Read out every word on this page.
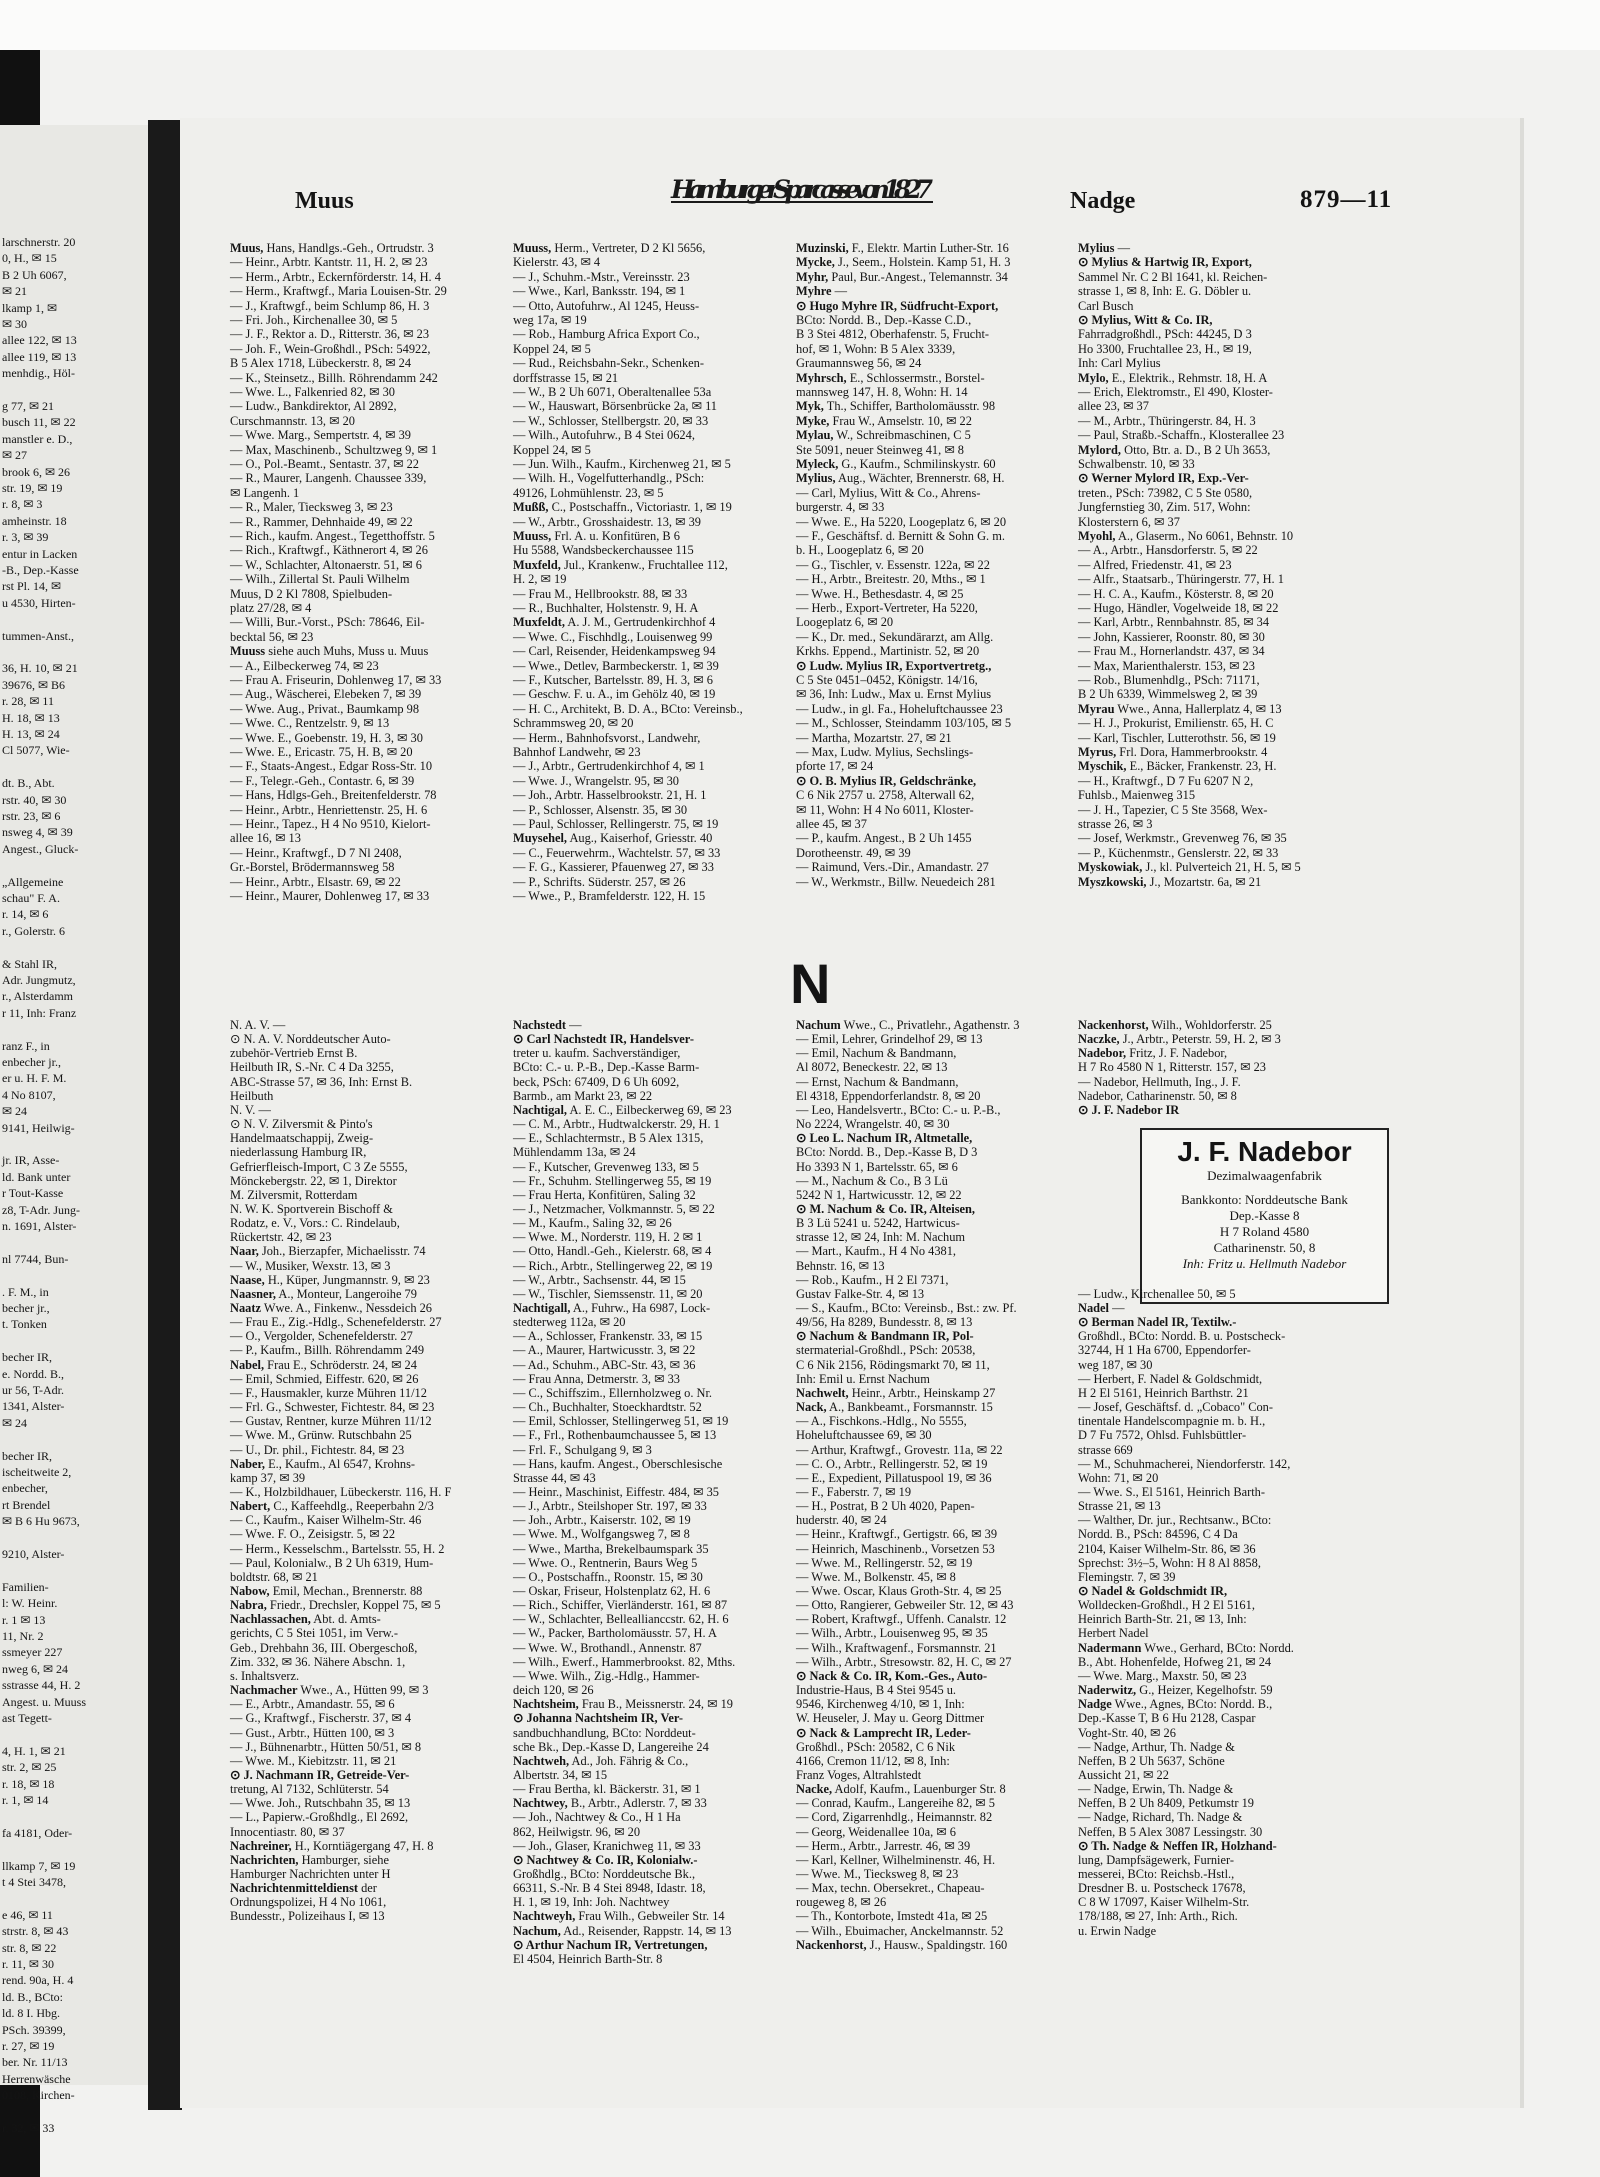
larschnerstr. 20
0, H., ✉ 15
B 2 Uh 6067,
✉ 21
lkamp 1, ✉
✉ 30
allee 122, ✉ 13
allee 119, ✉ 13
menhdig., Höl-
g 77, ✉ 21
busch 11, ✉ 22
manstler e. D.,
✉ 27
brook 6, ✉ 26
str. 19, ✉ 19
r. 8, ✉ 3
amheinstr. 18
r. 3, ✉ 39
entur in Lacken
-B., Dep.-Kasse
rst Pl. 14, ✉
u 4530, Hirten-
tummen-Anst.,
36, H. 10, ✉ 21
39676, ✉ B6
r. 28, ✉ 11
H. 18, ✉ 13
H. 13, ✉ 24
Cl 5077, Wie-
dt. B., Abt.
rstr. 40, ✉ 30
rstr. 23, ✉ 6
nsweg 4, ✉ 39
Angest., Gluck-
„Allgemeine
schau" F. A.
r. 14, ✉ 6
r., Golerstr. 6
& Stahl IR,
Adr. Jungmutz,
r., Alsterdamm
r 11, Inh: Franz
ranz F., in
enbecher jr.,
er u. H. F. M.
4 No 8107,
✉ 24
9141, Heilwig-
jr. IR, Asse-
ld. Bank unter
r Tout-Kasse
z8, T-Adr. Jung-
n. 1691, Alster-
nl 7744, Bun-
. F. M., in
becher jr.,
t. Tonken
becher IR,
e. Nordd. B.,
ur 56, T-Adr.
1341, Alster-
✉ 24
becher IR,
ischeitweite 2,
enbecher,
rt Brendel
✉ B 6 Hu 9673,
9210, Alster-
Familien-
l: W. Heinr.
r. 1 ✉ 13
11, Nr. 2
ssmeyer 227
nweg 6, ✉ 24
sstrasse 44, H. 2
Angest. u. Muuss
ast Tegett-
4, H. 1, ✉ 21
str. 2, ✉ 25
r. 18, ✉ 18
r. 1, ✉ 14
fa 4181, Oder-
llkamp 7, ✉ 19
t 4 Stei 3478,
e 46, ✉ 11
strstr. 8, ✉ 43
str. 8, ✉ 22
r. 11, ✉ 30
rend. 90a, H. 4
ld. B., BCto:
ld. 8 I. Hbg.
PSch. 39399,
r. 27, ✉ 19
ber. Nr. 11/13
Herrenwäsche
0108, Kirchen-
r. 32, ✉ 33
Muus	HamburgerSparcassevon1827	Nadge	879—11
N
J. F. Nadebor
Dezimalwaagenfabrik
Bankkonto: Norddeutsche Bank
Dep.-Kasse 8
H 7 Roland 4580
Catharinenstr. 50, 8
Inh: Fritz u. Hellmuth Nadebor
Muus, Hans, Handlgs.-Geh., Ortrudstr. 3
— Heinr., Arbtr. Kantstr. 11, H. 2, ✉ 23
— Herm., Arbtr., Eckernförderstr. 14, H. 4
— Herm., Kraftwgf., Maria Louisen-Str. 29
— J., Kraftwgf., beim Schlump 86, H. 3
— Fri. Joh., Kirchenallee 30, ✉ 5
— J. F., Rektor a. D., Ritterstr. 36, ✉ 23
— Joh. F., Wein-Großhdl., PSch: 54922,
B 5 Alex 1718, Lübeckerstr. 8, ✉ 24
— K., Steinsetz., Billh. Röhrendamm 242
— Wwe. L., Falkenried 82, ✉ 30
— Ludw., Bankdirektor, Al 2892,
Curschmannstr. 13, ✉ 20
— Wwe. Marg., Sempertstr. 4, ✉ 39
— Max, Maschinenb., Schultzweg 9, ✉ 1
— O., Pol.-Beamt., Sentastr. 37, ✉ 22
— R., Maurer, Langenh. Chaussee 339,
✉ Langenh. 1
— R., Maler, Tiecksweg 3, ✉ 23
— R., Rammer, Dehnhaide 49, ✉ 22
— Rich., kaufm. Angest., Tegetthoffstr. 5
— Rich., Kraftwgf., Käthnerort 4, ✉ 26
— W., Schlachter, Altonaerstr. 51, ✉ 6
— Wilh., Zillertal St. Pauli Wilhelm
Muus, D 2 Kl 7808, Spielbuden-
platz 27/28, ✉ 4
— Willi, Bur.-Vorst., PSch: 78646, Eil-
becktal 56, ✉ 23
Muuss siehe auch Muhs, Muss u. Muus
— A., Eilbeckerweg 74, ✉ 23
— Frau A. Friseurin, Dohlenweg 17, ✉ 33
— Aug., Wäscherei, Elebeken 7, ✉ 39
— Wwe. Aug., Privat., Baumkamp 98
— Wwe. C., Rentzelstr. 9, ✉ 13
— Wwe. E., Goebenstr. 19, H. 3, ✉ 30
— Wwe. E., Ericastr. 75, H. B, ✉ 20
— F., Staats-Angest., Edgar Ross-Str. 10
— F., Telegr.-Geh., Contastr. 6, ✉ 39
— Hans, Hdlgs-Geh., Breitenfelderstr. 78
— Heinr., Arbtr., Henriettenstr. 25, H. 6
— Heinr., Tapez., H 4 No 9510, Kielort-
allee 16, ✉ 13
— Heinr., Kraftwgf., D 7 Nl 2408,
Gr.-Borstel, Brödermannsweg 58
— Heinr., Arbtr., Elsastr. 69, ✉ 22
— Heinr., Maurer, Dohlenweg 17, ✉ 33
Muuss, Herm., Vertreter, D 2 Kl 5656,
Kielerstr. 43, ✉ 4
— J., Schuhm.-Mstr., Vereinsstr. 23
— Wwe., Karl, Banksstr. 194, ✉ 1
— Otto, Autofuhrw., Al 1245, Heuss-
weg 17a, ✉ 19
— Rob., Hamburg Africa Export Co.,
Koppel 24, ✉ 5
— Rud., Reichsbahn-Sekr., Schenken-
dorffstrasse 15, ✉ 21
— W., B 2 Uh 6071, Oberaltenallee 53a
— W., Hauswart, Börsenbrücke 2a, ✉ 11
— W., Schlosser, Stellbergstr. 20, ✉ 33
— Wilh., Autofuhrw., B 4 Stei 0624,
Koppel 24, ✉ 5
— Jun. Wilh., Kaufm., Kirchenweg 21, ✉ 5
— Wilh. H., Vogelfutterhandlg., PSch:
49126, Lohmühlenstr. 23, ✉ 5
Mußß, C., Postschaffn., Victoriastr. 1, ✉ 19
— W., Arbtr., Grosshaidestr. 13, ✉ 39
Muuss, Frl. A. u. Konfitüren, B 6
Hu 5588, Wandsbeckerchaussee 115
Muxfeld, Jul., Krankenw., Fruchtallee 112,
H. 2, ✉ 19
— Frau M., Hellbrookstr. 88, ✉ 33
— R., Buchhalter, Holstenstr. 9, H. A
Muxfeldt, A. J. M., Gertrudenkirchhof 4
— Wwe. C., Fischhdlg., Louisenweg 99
— Carl, Reisender, Heidenkampsweg 94
— Wwe., Detlev, Barmbeckerstr. 1, ✉ 39
— F., Kutscher, Bartelsstr. 89, H. 3, ✉ 6
— Geschw. F. u. A., im Gehölz 40, ✉ 19
— H. C., Architekt, B. D. A., BCto: Vereinsb.,
Schrammsweg 20, ✉ 20
— Herm., Bahnhofsvorst., Landwehr,
Bahnhof Landwehr, ✉ 23
— J., Arbtr., Gertrudenkirchhof 4, ✉ 1
— Wwe. J., Wrangelstr. 95, ✉ 30
— Joh., Arbtr. Hasselbrookstr. 21, H. 1
— P., Schlosser, Alsenstr. 35, ✉ 30
— Paul, Schlosser, Rellingerstr. 75, ✉ 19
Muysehel, Aug., Kaiserhof, Griesstr. 40
— C., Feuerwehrm., Wachtelstr. 57, ✉ 33
— F. G., Kassierer, Pfauenweg 27, ✉ 33
— P., Schrifts. Süderstr. 257, ✉ 26
— Wwe., P., Bramfelderstr. 122, H. 15
Muzinski, F., Elektr. Martin Luther-Str. 16
Mycke, J., Seem., Holstein. Kamp 51, H. 3
Myhr, Paul, Bur.-Angest., Telemannstr. 34
Myhre —
⊙ Hugo Myhre IR, Südfrucht-Export,
BCto: Nordd. B., Dep.-Kasse C.D.,
B 3 Stei 4812, Oberhafenstr. 5, Frucht-
hof, ✉ 1, Wohn: B 5 Alex 3339,
Graumannsweg 56, ✉ 24
Myhrsch, E., Schlossermstr., Borstel-
mannsweg 147, H. 8, Wohn: H. 14
Myk, Th., Schiffer, Bartholomäusstr. 98
Myke, Frau W., Amselstr. 10, ✉ 22
Mylau, W., Schreibmaschinen, C 5
Ste 5091, neuer Steinweg 41, ✉ 8
Myleck, G., Kaufm., Schmilinskystr. 60
Mylius, Aug., Wächter, Brennerstr. 68, H.
— Carl, Mylius, Witt & Co., Ahrens-
burgerstr. 4, ✉ 33
— Wwe. E., Ha 5220, Loogeplatz 6, ✉ 20
— F., Geschäftsf. d. Bernitt & Sohn G. m.
b. H., Loogeplatz 6, ✉ 20
— G., Tischler, v. Essenstr. 122a, ✉ 22
— H., Arbtr., Breitestr. 20, Mths., ✉ 1
— Wwe. H., Bethesdastr. 4, ✉ 25
— Herb., Export-Vertreter, Ha 5220,
Loogeplatz 6, ✉ 20
— K., Dr. med., Sekundärarzt, am Allg.
Krkhs. Eppend., Martinistr. 52, ✉ 20
⊙ Ludw. Mylius IR, Exportvertretg.,
C 5 Ste 0451–0452, Königstr. 14/16,
✉ 36, Inh: Ludw., Max u. Ernst Mylius
— Ludw., in gl. Fa., Hoheluftchaussee 23
— M., Schlosser, Steindamm 103/105, ✉ 5
— Martha, Mozartstr. 27, ✉ 21
— Max, Ludw. Mylius, Sechslings-
pforte 17, ✉ 24
⊙ O. B. Mylius IR, Geldschränke,
C 6 Nik 2757 u. 2758, Alterwall 62,
✉ 11, Wohn: H 4 No 6011, Kloster-
allee 45, ✉ 37
— P., kaufm. Angest., B 2 Uh 1455
Dorotheenstr. 49, ✉ 39
— Raimund, Vers.-Dir., Amandastr. 27
— W., Werkmstr., Billw. Neuedeich 281
Mylius —
⊙ Mylius & Hartwig IR, Export,
Sammel Nr. C 2 Bl 1641, kl. Reichen-
strasse 1, ✉ 8, Inh: E. G. Döbler u.
Carl Busch
⊙ Mylius, Witt & Co. IR,
Fahrradgroßhdl., PSch: 44245, D 3
Ho 3300, Fruchtallee 23, H., ✉ 19,
Inh: Carl Mylius
Mylo, E., Elektrik., Rehmstr. 18, H. A
— Erich, Elektromstr., El 490, Kloster-
allee 23, ✉ 37
— M., Arbtr., Thüringerstr. 84, H. 3
— Paul, Straßb.-Schaffn., Klosterallee 23
Mylord, Otto, Btr. a. D., B 2 Uh 3653,
Schwalbenstr. 10, ✉ 33
⊙ Werner Mylord IR, Exp.-Ver-
treten., PSch: 73982, C 5 Ste 0580,
Jungfernstieg 30, Zim. 517, Wohn:
Klosterstern 6, ✉ 37
Myohl, A., Glaserm., No 6061, Behnstr. 10
— A., Arbtr., Hansdorferstr. 5, ✉ 22
— Alfred, Friedenstr. 41, ✉ 23
— Alfr., Staatsarb., Thüringerstr. 77, H. 1
— H. C. A., Kaufm., Kösterstr. 8, ✉ 20
— Hugo, Händler, Vogelweide 18, ✉ 22
— Karl, Arbtr., Rennbahnstr. 85, ✉ 34
— John, Kassierer, Roonstr. 80, ✉ 30
— Frau M., Hornerlandstr. 437, ✉ 34
— Max, Marienthalerstr. 153, ✉ 23
— Rob., Blumenhdlg., PSch: 71171,
B 2 Uh 6339, Wimmelsweg 2, ✉ 39
Myrau Wwe., Anna, Hallerplatz 4, ✉ 13
— H. J., Prokurist, Emilienstr. 65, H. C
— Karl, Tischler, Lutterothstr. 56, ✉ 19
Myrus, Frl. Dora, Hammerbrookstr. 4
Myschik, E., Bäcker, Frankenstr. 23, H.
— H., Kraftwgf., D 7 Fu 6207 N 2,
Fuhlsb., Maienweg 315
— J. H., Tapezier, C 5 Ste 3568, Wex-
strasse 26, ✉ 3
— Josef, Werkmstr., Grevenweg 76, ✉ 35
— P., Küchenmstr., Genslerstr. 22, ✉ 33
Myskowiak, J., kl. Pulverteich 21, H. 5, ✉ 5
Myszkowski, J., Mozartstr. 6a, ✉ 21
N. A. V. —
⊙ N. A. V. Norddeutscher Auto-
zubehör-Vertrieb Ernst B.
Heilbuth IR, S.-Nr. C 4 Da 3255,
ABC-Strasse 57, ✉ 36, Inh: Ernst B.
Heilbuth
N. V. —
⊙ N. V. Zilversmit & Pinto's
Handelmaatschappij, Zweig-
niederlassung Hamburg IR,
Gefrierfleisch-Import, C 3 Ze 5555,
Mönckebergstr. 22, ✉ 1, Direktor
M. Zilversmit, Rotterdam
N. W. K. Sportverein Bischoff &
Rodatz, e. V., Vors.: C. Rindelaub,
Rückertstr. 42, ✉ 23
Naar, Joh., Bierzapfer, Michaelisstr. 74
— W., Musiker, Wexstr. 13, ✉ 3
Naase, H., Küper, Jungmannstr. 9, ✉ 23
Naasner, A., Monteur, Langeroihe 79
Naatz Wwe. A., Finkenw., Nessdeich 26
— Frau E., Zig.-Hdlg., Schenefelderstr. 27
— O., Vergolder, Schenefelderstr. 27
— P., Kaufm., Billh. Röhrendamm 249
Nabel, Frau E., Schröderstr. 24, ✉ 24
— Emil, Schmied, Eiffestr. 620, ✉ 26
— F., Hausmakler, kurze Mühren 11/12
— Frl. G., Schwester, Fichtestr. 84, ✉ 23
— Gustav, Rentner, kurze Mühren 11/12
— Wwe. M., Grünw. Rutschbahn 25
— U., Dr. phil., Fichtestr. 84, ✉ 23
Naber, E., Kaufm., Al 6547, Krohns-
kamp 37, ✉ 39
— K., Holzbildhauer, Lübeckerstr. 116, H. F
Nabert, C., Kaffeehdlg., Reeperbahn 2/3
— C., Kaufm., Kaiser Wilhelm-Str. 46
— Wwe. F. O., Zeisigstr. 5, ✉ 22
— Herm., Kesselschm., Bartelsstr. 55, H. 2
— Paul, Kolonialw., B 2 Uh 6319, Hum-
boldtstr. 68, ✉ 21
Nabow, Emil, Mechan., Brennerstr. 88
Nabra, Friedr., Drechsler, Koppel 75, ✉ 5
Nachlassachen, Abt. d. Amts-
gerichts, C 5 Stei 1051, im Verw.-
Geb., Drehbahn 36, III. Obergeschoß,
Zim. 332, ✉ 36. Nähere Abschn. 1,
s. Inhaltsverz.
Nachmacher Wwe., A., Hütten 99, ✉ 3
— E., Arbtr., Amandastr. 55, ✉ 6
— G., Kraftwgf., Fischerstr. 37, ✉ 4
— Gust., Arbtr., Hütten 100, ✉ 3
— J., Bühnenarbtr., Hütten 50/51, ✉ 8
— Wwe. M., Kiebitzstr. 11, ✉ 21
⊙ J. Nachmann IR, Getreide-Ver-
tretung, Al 7132, Schlüterstr. 54
— Wwe. Joh., Rutschbahn 35, ✉ 13
— L., Papierw.-Großhdlg., El 2692,
Innocentiastr. 80, ✉ 37
Nachreiner, H., Korntiägergang 47, H. 8
Nachrichten, Hamburger, siehe
Hamburger Nachrichten unter H
Nachrichtenmitteldienst der
Ordnungspolizei, H 4 No 1061,
Bundesstr., Polizeihaus I, ✉ 13
Nachstedt —
⊙ Carl Nachstedt IR, Handelsver-
treter u. kaufm. Sachverständiger,
BCto: C.- u. P.-B., Dep.-Kasse Barm-
beck, PSch: 67409, D 6 Uh 6092,
Barmb., am Markt 23, ✉ 22
Nachtigal, A. E. C., Eilbeckerweg 69, ✉ 23
— C. M., Arbtr., Hudtwalckerstr. 29, H. 1
— E., Schlachtermstr., B 5 Alex 1315,
Mühlendamm 13a, ✉ 24
— F., Kutscher, Grevenweg 133, ✉ 5
— Fr., Schuhm. Stellingerweg 55, ✉ 19
— Frau Herta, Konfitüren, Saling 32
— J., Netzmacher, Volkmannstr. 5, ✉ 22
— M., Kaufm., Saling 32, ✉ 26
— Wwe. M., Norderstr. 119, H. 2 ✉ 1
— Otto, Handl.-Geh., Kielerstr. 68, ✉ 4
— Rich., Arbtr., Stellingerweg 22, ✉ 19
— W., Arbtr., Sachsenstr. 44, ✉ 15
— W., Tischler, Siemssenstr. 11, ✉ 20
Nachtigall, A., Fuhrw., Ha 6987, Lock-
stedterweg 112a, ✉ 20
— A., Schlosser, Frankenstr. 33, ✉ 15
— A., Maurer, Hartwicusstr. 3, ✉ 22
— Ad., Schuhm., ABC-Str. 43, ✉ 36
— Frau Anna, Detmerstr. 3, ✉ 33
— C., Schiffszim., Ellernholzweg o. Nr.
— Ch., Buchhalter, Stoeckhardtstr. 52
— Emil, Schlosser, Stellingerweg 51, ✉ 19
— F., Frl., Rothenbaumchaussee 5, ✉ 13
— Frl. F., Schulgang 9, ✉ 3
— Hans, kaufm. Angest., Oberschlesische
Strasse 44, ✉ 43
— Heinr., Maschinist, Eiffestr. 484, ✉ 35
— J., Arbtr., Steilshoper Str. 197, ✉ 33
— Joh., Arbtr., Kaiserstr. 102, ✉ 19
— Wwe. M., Wolfgangsweg 7, ✉ 8
— Wwe., Martha, Brekelbaumspark 35
— Wwe. O., Rentnerin, Baurs Weg 5
— O., Postschaffn., Roonstr. 15, ✉ 30
— Oskar, Friseur, Holstenplatz 62, H. 6
— Rich., Schiffer, Vierländerstr. 161, ✉ 87
— W., Schlachter, Belleallianccstr. 62, H. 6
— W., Packer, Bartholomäusstr. 57, H. A
— Wwe. W., Brothandl., Annenstr. 87
— Wilh., Ewerf., Hammerbrookst. 82, Mths.
— Wwe. Wilh., Zig.-Hdlg., Hammer-
deich 120, ✉ 26
Nachtsheim, Frau B., Meissnerstr. 24, ✉ 19
⊙ Johanna Nachtsheim IR, Ver-
sandbuchhandlung, BCto: Norddeut-
sche Bk., Dep.-Kasse D, Langereihe 24
Nachtweh, Ad., Joh. Fährig & Co.,
Albertstr. 34, ✉ 15
— Frau Bertha, kl. Bäckerstr. 31, ✉ 1
Nachtwey, B., Arbtr., Adlerstr. 7, ✉ 33
— Joh., Nachtwey & Co., H 1 Ha
862, Heilwigstr. 96, ✉ 20
— Joh., Glaser, Kranichweg 11, ✉ 33
⊙ Nachtwey & Co. IR, Kolonialw.-
Großhdlg., BCto: Norddeutsche Bk.,
66311, S.-Nr. B 4 Stei 8948, Idastr. 18,
H. 1, ✉ 19, Inh: Joh. Nachtwey
Nachtweyh, Frau Wilh., Gebweiler Str. 14
Nachum, Ad., Reisender, Rappstr. 14, ✉ 13
⊙ Arthur Nachum IR, Vertretungen,
El 4504, Heinrich Barth-Str. 8
Nachum Wwe., C., Privatlehr., Agathenstr. 3
— Emil, Lehrer, Grindelhof 29, ✉ 13
— Emil, Nachum & Bandmann,
Al 8072, Beneckestr. 22, ✉ 13
— Ernst, Nachum & Bandmann,
El 4318, Eppendorferlandstr. 8, ✉ 20
— Leo, Handelsvertr., BCto: C.- u. P.-B.,
No 2224, Wrangelstr. 40, ✉ 30
⊙ Leo L. Nachum IR, Altmetalle,
BCto: Nordd. B., Dep.-Kasse B, D 3
Ho 3393 N 1, Bartelsstr. 65, ✉ 6
— M., Nachum & Co., B 3 Lü
5242 N 1, Hartwicusstr. 12, ✉ 22
⊙ M. Nachum & Co. IR, Alteisen,
B 3 Lü 5241 u. 5242, Hartwicus-
strasse 12, ✉ 24, Inh: M. Nachum
— Mart., Kaufm., H 4 No 4381,
Behnstr. 16, ✉ 13
— Rob., Kaufm., H 2 El 7371,
Gustav Falke-Str. 4, ✉ 13
— S., Kaufm., BCto: Vereinsb., Bst.: zw. Pf.
49/56, Ha 8289, Bundesstr. 8, ✉ 13
⊙ Nachum & Bandmann IR, Pol-
stermaterial-Großhdl., PSch: 20538,
C 6 Nik 2156, Rödingsmarkt 70, ✉ 11,
Inh: Emil u. Ernst Nachum
Nachwelt, Heinr., Arbtr., Heinskamp 27
Nack, A., Bankbeamt., Forsmannstr. 15
— A., Fischkons.-Hdlg., No 5555,
Hoheluftchaussee 69, ✉ 30
— Arthur, Kraftwgf., Grovestr. 11a, ✉ 22
— C. O., Arbtr., Rellingerstr. 52, ✉ 19
— E., Expedient, Pillatuspool 19, ✉ 36
— F., Faberstr. 7, ✉ 19
— H., Postrat, B 2 Uh 4020, Papen-
huderstr. 40, ✉ 24
— Heinr., Kraftwgf., Gertigstr. 66, ✉ 39
— Heinrich, Maschinenb., Vorsetzen 53
— Wwe. M., Rellingerstr. 52, ✉ 19
— Wwe. M., Bolkenstr. 45, ✉ 8
— Wwe. Oscar, Klaus Groth-Str. 4, ✉ 25
— Otto, Rangierer, Gebweiler Str. 12, ✉ 43
— Robert, Kraftwgf., Uffenh. Canalstr. 12
— Wilh., Arbtr., Louisenweg 95, ✉ 35
— Wilh., Kraftwagenf., Forsmannstr. 21
— Wilh., Arbtr., Stresowstr. 82, H. C, ✉ 27
⊙ Nack & Co. IR, Kom.-Ges., Auto-
Industrie-Haus, B 4 Stei 9545 u.
9546, Kirchenweg 4/10, ✉ 1, Inh:
W. Heuseler, J. May u. Georg Dittmer
⊙ Nack & Lamprecht IR, Leder-
Großhdl., PSch: 20582, C 6 Nik
4166, Cremon 11/12, ✉ 8, Inh:
Franz Voges, Altrahlstedt
Nacke, Adolf, Kaufm., Lauenburger Str. 8
— Conrad, Kaufm., Langereihe 82, ✉ 5
— Cord, Zigarrenhdlg., Heimannstr. 82
— Georg, Weidenallee 10a, ✉ 6
— Herm., Arbtr., Jarrestr. 46, ✉ 39
— Karl, Kellner, Wilhelminenstr. 46, H.
— Wwe. M., Tiecksweg 8, ✉ 23
— Max, techn. Obersekret., Chapeau-
rougeweg 8, ✉ 26
— Th., Kontorbote, Imstedt 41a, ✉ 25
— Wilh., Ebuimacher, Anckelmannstr. 52
Nackenhorst, J., Hausw., Spaldingstr. 160
Nackenhorst, Wilh., Wohldorferstr. 25
Naczke, J., Arbtr., Peterstr. 59, H. 2, ✉ 3
Nadebor, Fritz, J. F. Nadebor,
H 7 Ro 4580 N 1, Ritterstr. 157, ✉ 23
— Nadebor, Hellmuth, Ing., J. F.
Nadebor, Catharinenstr. 50, ✉ 8
⊙ J. F. Nadebor IR
— Ludw., Kirchenallee 50, ✉ 5
Nadel —
⊙ Berman Nadel IR, Textilw.-
Großhdl., BCto: Nordd. B. u. Postscheck-
32744, H 1 Ha 6700, Eppendorfer-
weg 187, ✉ 30
— Herbert, F. Nadel & Goldschmidt,
H 2 El 5161, Heinrich Barthstr. 21
— Josef, Geschäftsf. d. „Cobaco" Con-
tinentale Handelscompagnie m. b. H.,
D 7 Fu 7572, Ohlsd. Fuhlsbüttler-
strasse 669
— M., Schuhmacherei, Niendorferstr. 142,
Wohn: 71, ✉ 20
— Wwe. S., El 5161, Heinrich Barth-
Strasse 21, ✉ 13
— Walther, Dr. jur., Rechtsanw., BCto:
Nordd. B., PSch: 84596, C 4 Da
2104, Kaiser Wilhelm-Str. 86, ✉ 36
Sprechst: 3½–5, Wohn: H 8 Al 8858,
Flemingstr. 7, ✉ 39
⊙ Nadel & Goldschmidt IR,
Wolldecken-Großhdl., H 2 El 5161,
Heinrich Barth-Str. 21, ✉ 13, Inh:
Herbert Nadel
Nadermann Wwe., Gerhard, BCto: Nordd.
B., Abt. Hohenfelde, Hofweg 21, ✉ 24
— Wwe. Marg., Maxstr. 50, ✉ 23
Naderwitz, G., Heizer, Kegelhofstr. 59
Nadge Wwe., Agnes, BCto: Nordd. B.,
Dep.-Kasse T, B 6 Hu 2128, Caspar
Voght-Str. 40, ✉ 26
— Nadge, Arthur, Th. Nadge &
Neffen, B 2 Uh 5637, Schöne
Aussicht 21, ✉ 22
— Nadge, Erwin, Th. Nadge &
Neffen, B 2 Uh 8409, Petkumstr 19
— Nadge, Richard, Th. Nadge &
Neffen, B 5 Alex 3087 Lessingstr. 30
⊙ Th. Nadge & Neffen IR, Holzhand-
lung, Dampfsägewerk, Furnier-
messerei, BCto: Reichsb.-Hstl.,
Dresdner B. u. Postscheck 17678,
C 8 W 17097, Kaiser Wilhelm-Str.
178/188, ✉ 27, Inh: Arth., Rich.
u. Erwin Nadge
